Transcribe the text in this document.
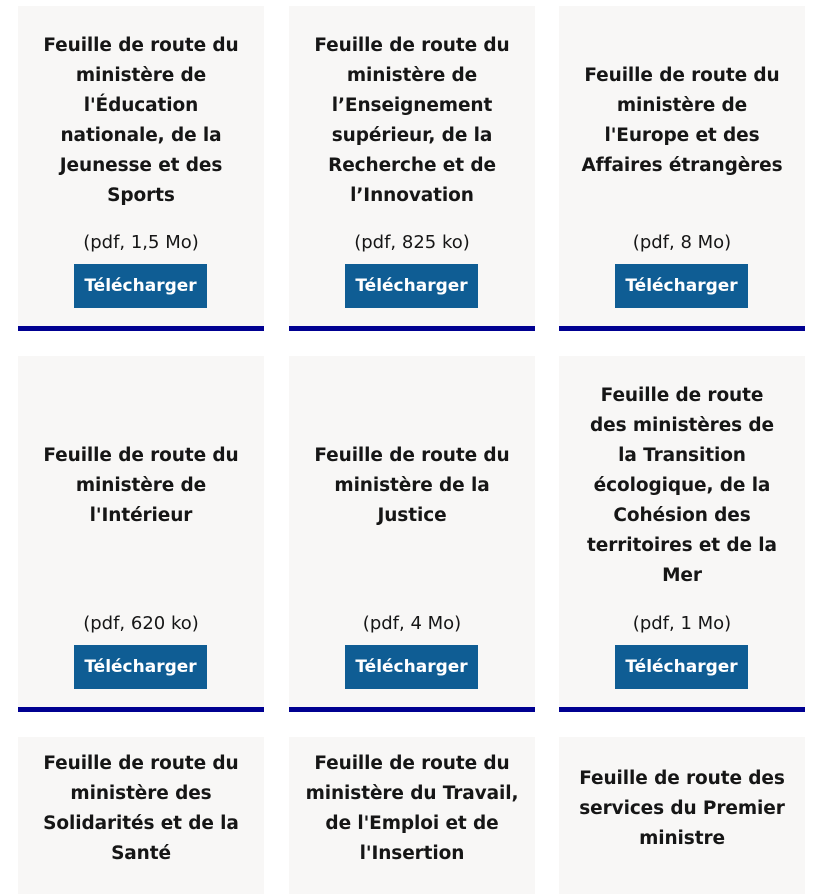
Feuille de route du ministère de l'Éducation nationale, de la Jeunesse et des Sports
(pdf, 1,5 Mo)
Télécharger
Feuille de route du ministère de l’Enseignement supérieur, de la Recherche et de l’Innovation
(pdf, 825 ko)
Télécharger
Feuille de route du ministère de l'Europe et des Affaires étrangères
(pdf, 8 Mo)
Télécharger
Feuille de route du ministère de l'Intérieur
(pdf, 620 ko)
Télécharger
Feuille de route du ministère de la Justice
(pdf, 4 Mo)
Télécharger
Feuille de route des ministères de la Transition écologique, de la Cohésion des territoires et de la Mer
(pdf, 1 Mo)
Télécharger
Feuille de route du ministère des Solidarités et de la Santé
Feuille de route du ministère du Travail, de l'Emploi et de l'Insertion
Feuille de route des services du Premier ministre
